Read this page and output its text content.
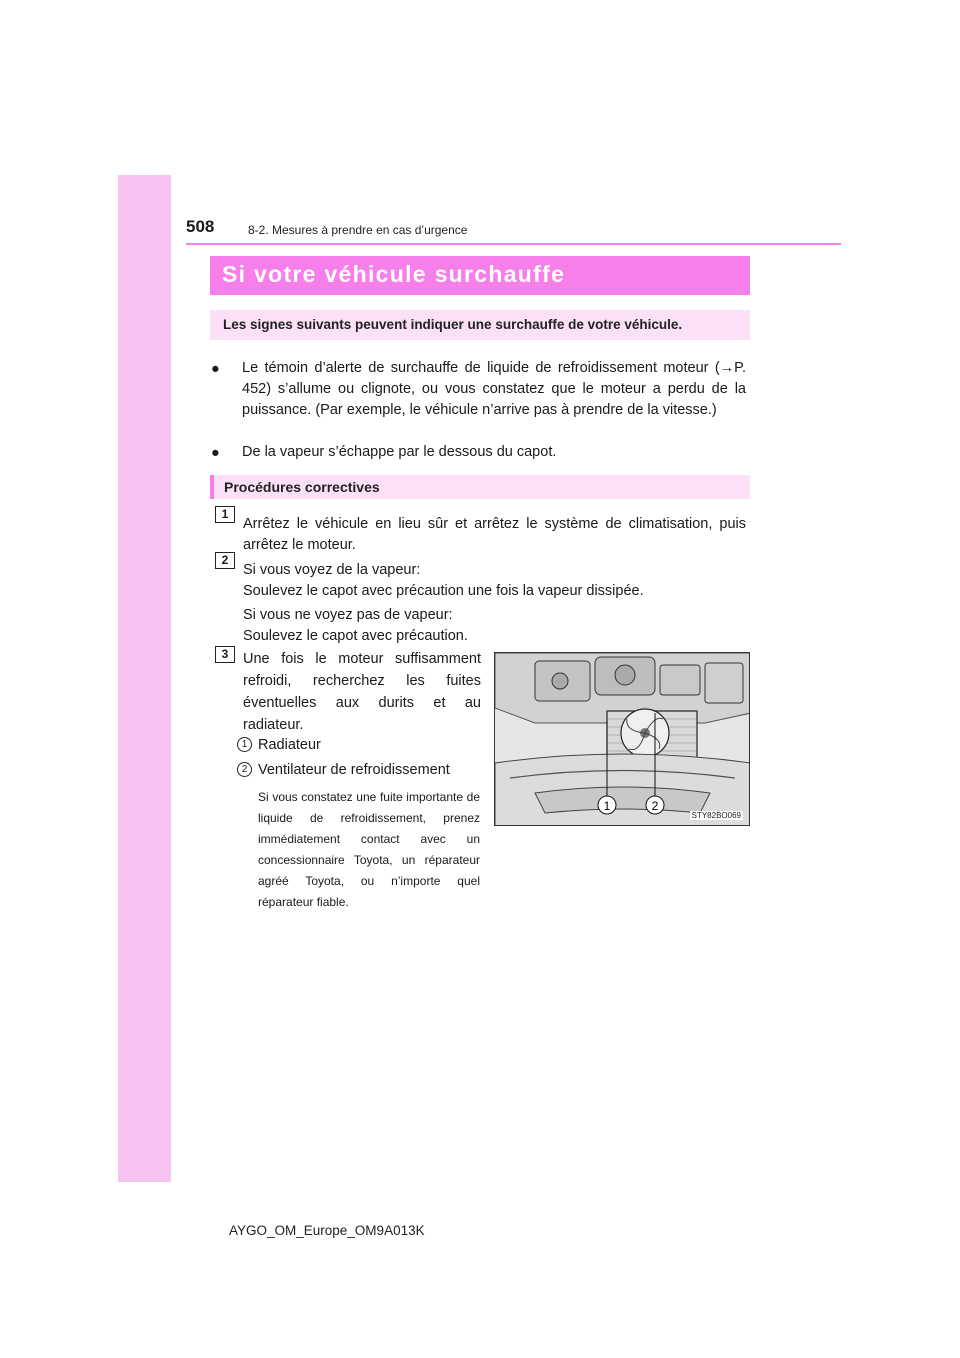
508	8-2. Mesures à prendre en cas d’urgence
Si votre véhicule surchauffe
Les signes suivants peuvent indiquer une surchauffe de votre véhicule.
● Le témoin d’alerte de surchauffe de liquide de refroidissement moteur (→P. 452) s’allume ou clignote, ou vous constatez que le moteur a perdu de la puissance. (Par exemple, le véhicule n’arrive pas à prendre de la vitesse.)
● De la vapeur s’échappe par le dessous du capot.
Procédures correctives
1
Arrêtez le véhicule en lieu sûr et arrêtez le système de climatisation, puis arrêtez le moteur.
2
Si vous voyez de la vapeur:
Soulevez le capot avec précaution une fois la vapeur dissipée.
Si vous ne voyez pas de vapeur:
Soulevez le capot avec précaution.
3	Une fois le moteur suffisamment refroidi, recherchez les fuites éventuelles aux durits et au radiateur.
1 Radiateur
2 Ventilateur de refroidissement
Si vous constatez une fuite importante de liquide de refroidissement, prenez immédiatement contact avec un concessionnaire Toyota, un réparateur agréé Toyota, ou n’importe quel réparateur fiable.
1	2
STY82BO069
AYGO_OM_Europe_OM9A013K
